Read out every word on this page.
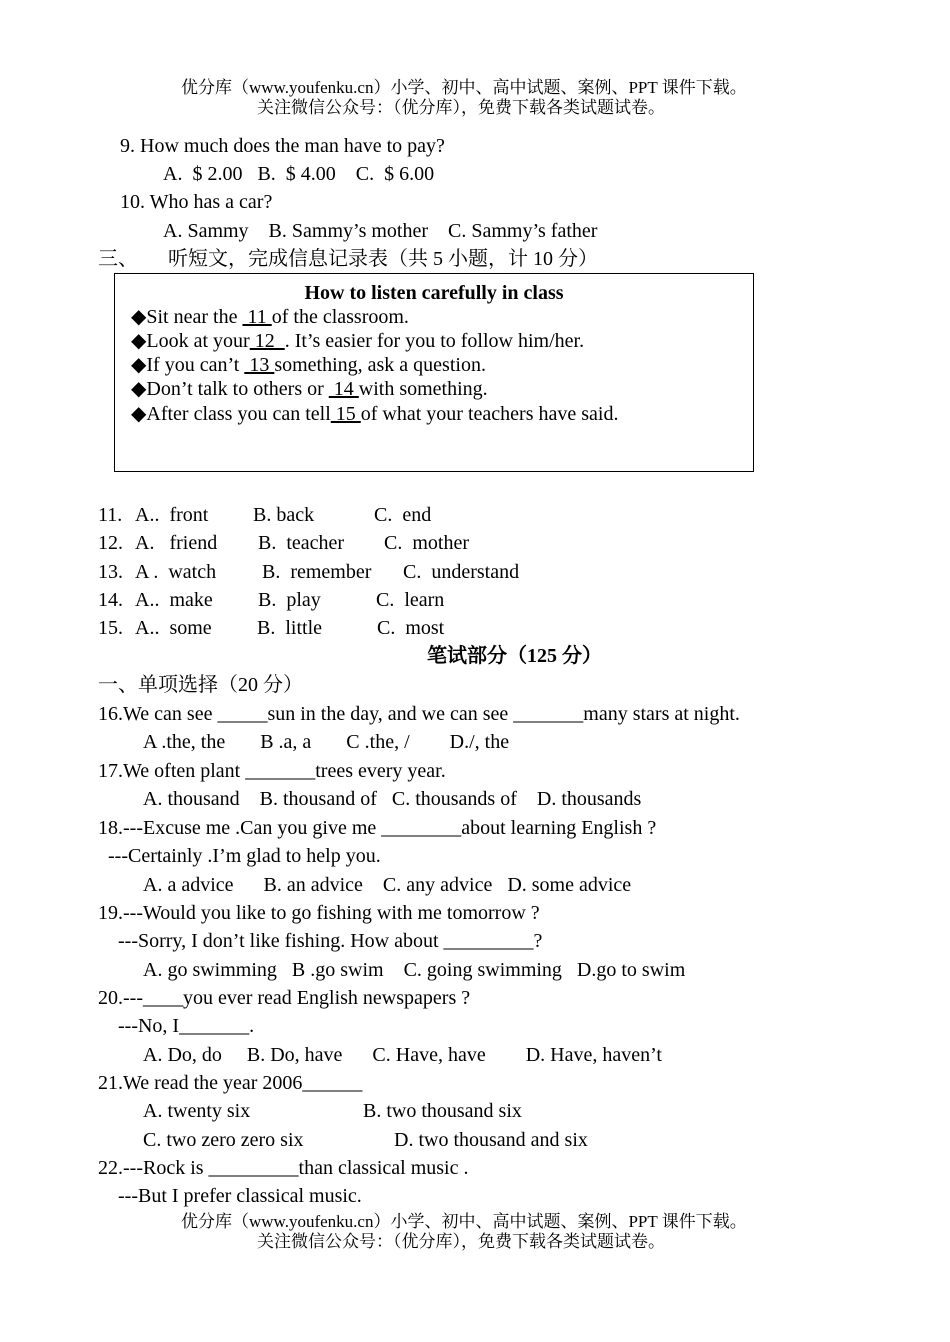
优分库（www.youfenku.cn）小学、初中、高中试题、案例、PPT 课件下载。
关注微信公众号：（优分库），免费下载各类试题试卷。
9. How much does the man have to pay?
A.  $ 2.00   B.  $ 4.00    C.  $ 6.00
10. Who has a car?
A. Sammy    B. Sammy’s mother    C. Sammy’s father
三、      听短文，完成信息记录表（共 5 小题，计 10 分）
How to listen carefully in class
◆Sit near the  11 of the classroom.
◆Look at your 12  . It’s easier for you to follow him/her.
◆If you can’t  13 something, ask a question.
◆Don’t talk to others or  14 with something.
◆After class you can tell 15 of what your teachers have said.
11. A..  front B. back	C.  end
12. A.   friend B.  teacher C.  mother
13. A .  watch B.  remember C.  understand
14. A..  make B.  play	C.  learn
15. A..  some B.  little	C.  most
笔试部分（125 分）
一、单项选择（20 分）
16.We can see _____sun in the day, and we can see _______many stars at night.
A .the, the       B .a, a       C .the, /        D./, the
17.We often plant _______trees every year.
A. thousand    B. thousand of   C. thousands of    D. thousands
18.---Excuse me .Can you give me ________about learning English ?
---Certainly .I’m glad to help you.
A. a advice      B. an advice    C. any advice   D. some advice
19.---Would you like to go fishing with me tomorrow ?
---Sorry, I don’t like fishing. How about _________?
A. go swimming   B .go swim    C. going swimming   D.go to swim
20.---____you ever read English newspapers ?
---No, I_______.
A. Do, do     B. Do, have      C. Have, have        D. Have, haven’t
21.We read the year 2006______
A. twenty six	B. two thousand six
C. two zero zero six	D. two thousand and six
22.---Rock is _________than classical music .
---But I prefer classical music.
优分库（www.youfenku.cn）小学、初中、高中试题、案例、PPT 课件下载。
关注微信公众号：（优分库），免费下载各类试题试卷。
